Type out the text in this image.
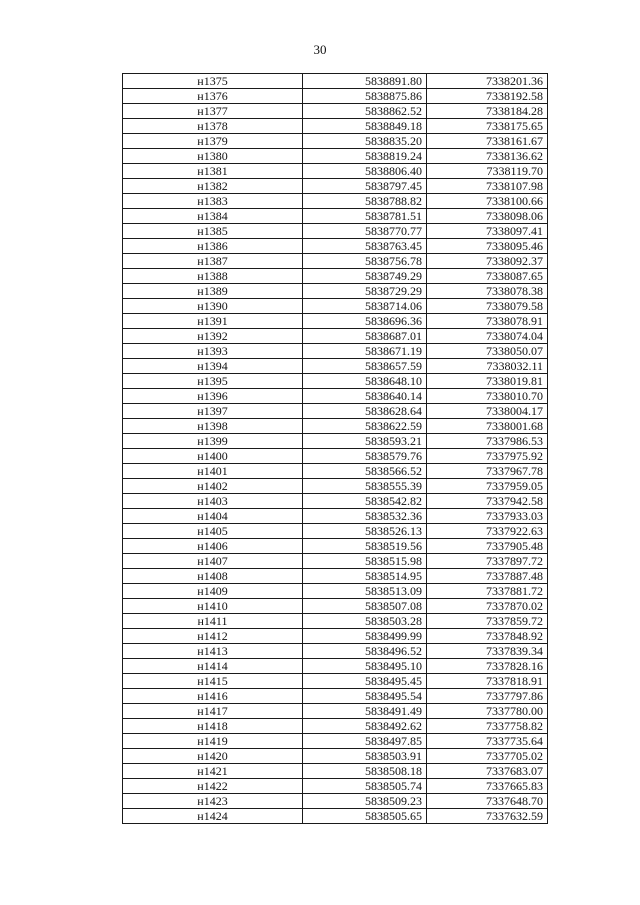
30
н1375	5838891.80	7338201.36
н1376	5838875.86	7338192.58
н1377	5838862.52	7338184.28
н1378	5838849.18	7338175.65
н1379	5838835.20	7338161.67
н1380	5838819.24	7338136.62
н1381	5838806.40	7338119.70
н1382	5838797.45	7338107.98
н1383	5838788.82	7338100.66
н1384	5838781.51	7338098.06
н1385	5838770.77	7338097.41
н1386	5838763.45	7338095.46
н1387	5838756.78	7338092.37
н1388	5838749.29	7338087.65
н1389	5838729.29	7338078.38
н1390	5838714.06	7338079.58
н1391	5838696.36	7338078.91
н1392	5838687.01	7338074.04
н1393	5838671.19	7338050.07
н1394	5838657.59	7338032.11
н1395	5838648.10	7338019.81
н1396	5838640.14	7338010.70
н1397	5838628.64	7338004.17
н1398	5838622.59	7338001.68
н1399	5838593.21	7337986.53
н1400	5838579.76	7337975.92
н1401	5838566.52	7337967.78
н1402	5838555.39	7337959.05
н1403	5838542.82	7337942.58
н1404	5838532.36	7337933.03
н1405	5838526.13	7337922.63
н1406	5838519.56	7337905.48
н1407	5838515.98	7337897.72
н1408	5838514.95	7337887.48
н1409	5838513.09	7337881.72
н1410	5838507.08	7337870.02
н1411	5838503.28	7337859.72
н1412	5838499.99	7337848.92
н1413	5838496.52	7337839.34
н1414	5838495.10	7337828.16
н1415	5838495.45	7337818.91
н1416	5838495.54	7337797.86
н1417	5838491.49	7337780.00
н1418	5838492.62	7337758.82
н1419	5838497.85	7337735.64
н1420	5838503.91	7337705.02
н1421	5838508.18	7337683.07
н1422	5838505.74	7337665.83
н1423	5838509.23	7337648.70
н1424	5838505.65	7337632.59
